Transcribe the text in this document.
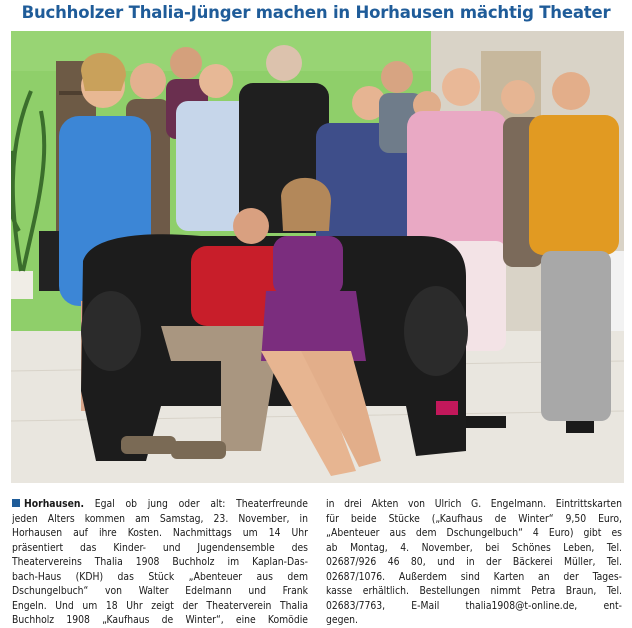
Buchholzer Thalia-Jünger machen in Horhausen mächtig Theater
Horhausen. Egal ob jung oder alt: Theaterfreunde
jeden Alters kommen am Samstag, 23. November, in
Horhausen auf ihre Kosten. Nachmittags um 14 Uhr
präsentiert das Kinder- und Jugendensemble des
Theatervereins Thalia 1908 Buchholz im Kaplan-Das-
bach-Haus (KDH) das Stück „Abenteuer aus dem
Dschungelbuch“ von Walter Edelmann und Frank
Engeln. Und um 18 Uhr zeigt der Theaterverein Thalia
Buchholz 1908 „Kaufhaus de Winter“, eine Komödie
in drei Akten von Ulrich G. Engelmann. Eintrittskarten
für beide Stücke („Kaufhaus de Winter“ 9,50 Euro,
„Abenteuer aus dem Dschungelbuch“ 4 Euro) gibt es
ab Montag, 4. November, bei Schönes Leben, Tel.
02687/926 46 80, und in der Bäckerei Müller, Tel.
02687/1076. Außerdem sind Karten an der Tages-
kasse erhältlich. Bestellungen nimmt Petra Braun, Tel.
02683/7763, E-Mail thalia1908@t-online.de, ent-
gegen.
